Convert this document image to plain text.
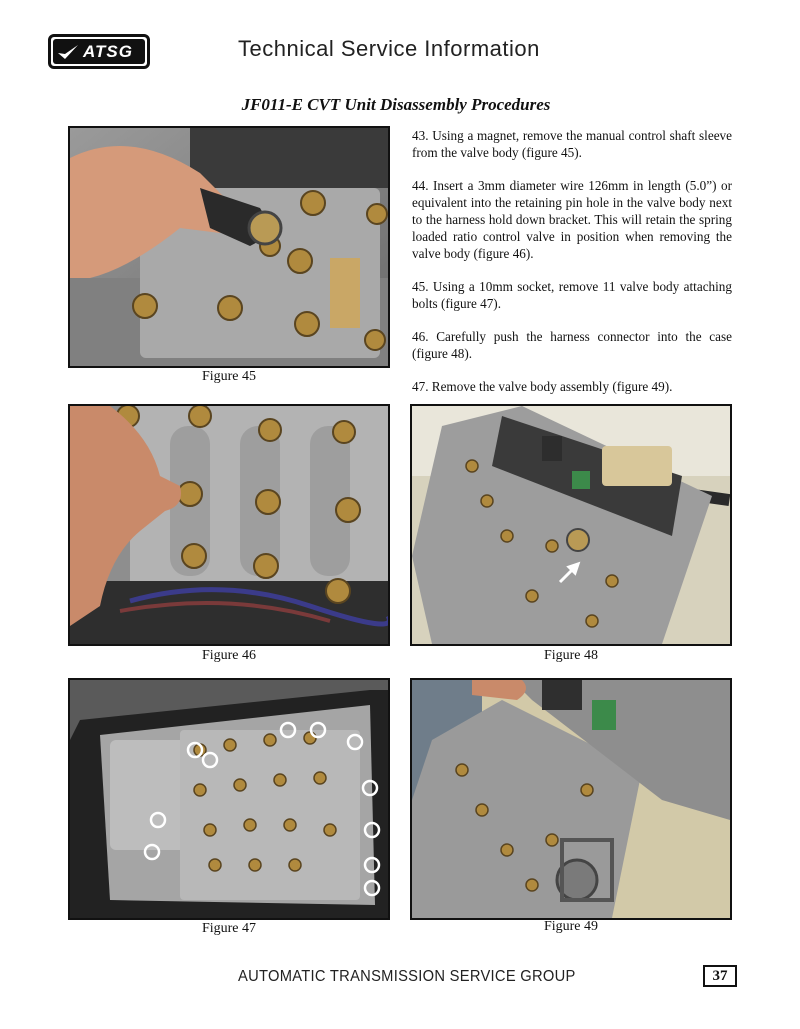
ATSG	Technical Service Information
JF011-E CVT Unit Disassembly Procedures

43. Using a magnet, remove the manual control shaft sleeve from the valve body (figure 45).

44. Insert a 3mm diameter wire 126mm in length (5.0”) or equivalent into the retaining pin hole in the valve body next to the harness hold down bracket. This will retain the spring loaded ratio control valve in position when removing the valve body (figure 46).

45. Using a 10mm socket, remove 11 valve body attaching bolts (figure 47).

46. Carefully push the harness connector into the case (figure 48).

47. Remove the valve body assembly (figure 49).

Figure 45
Figure 46
Figure 47
Figure 48
Figure 49
AUTOMATIC TRANSMISSION SERVICE GROUP	37
